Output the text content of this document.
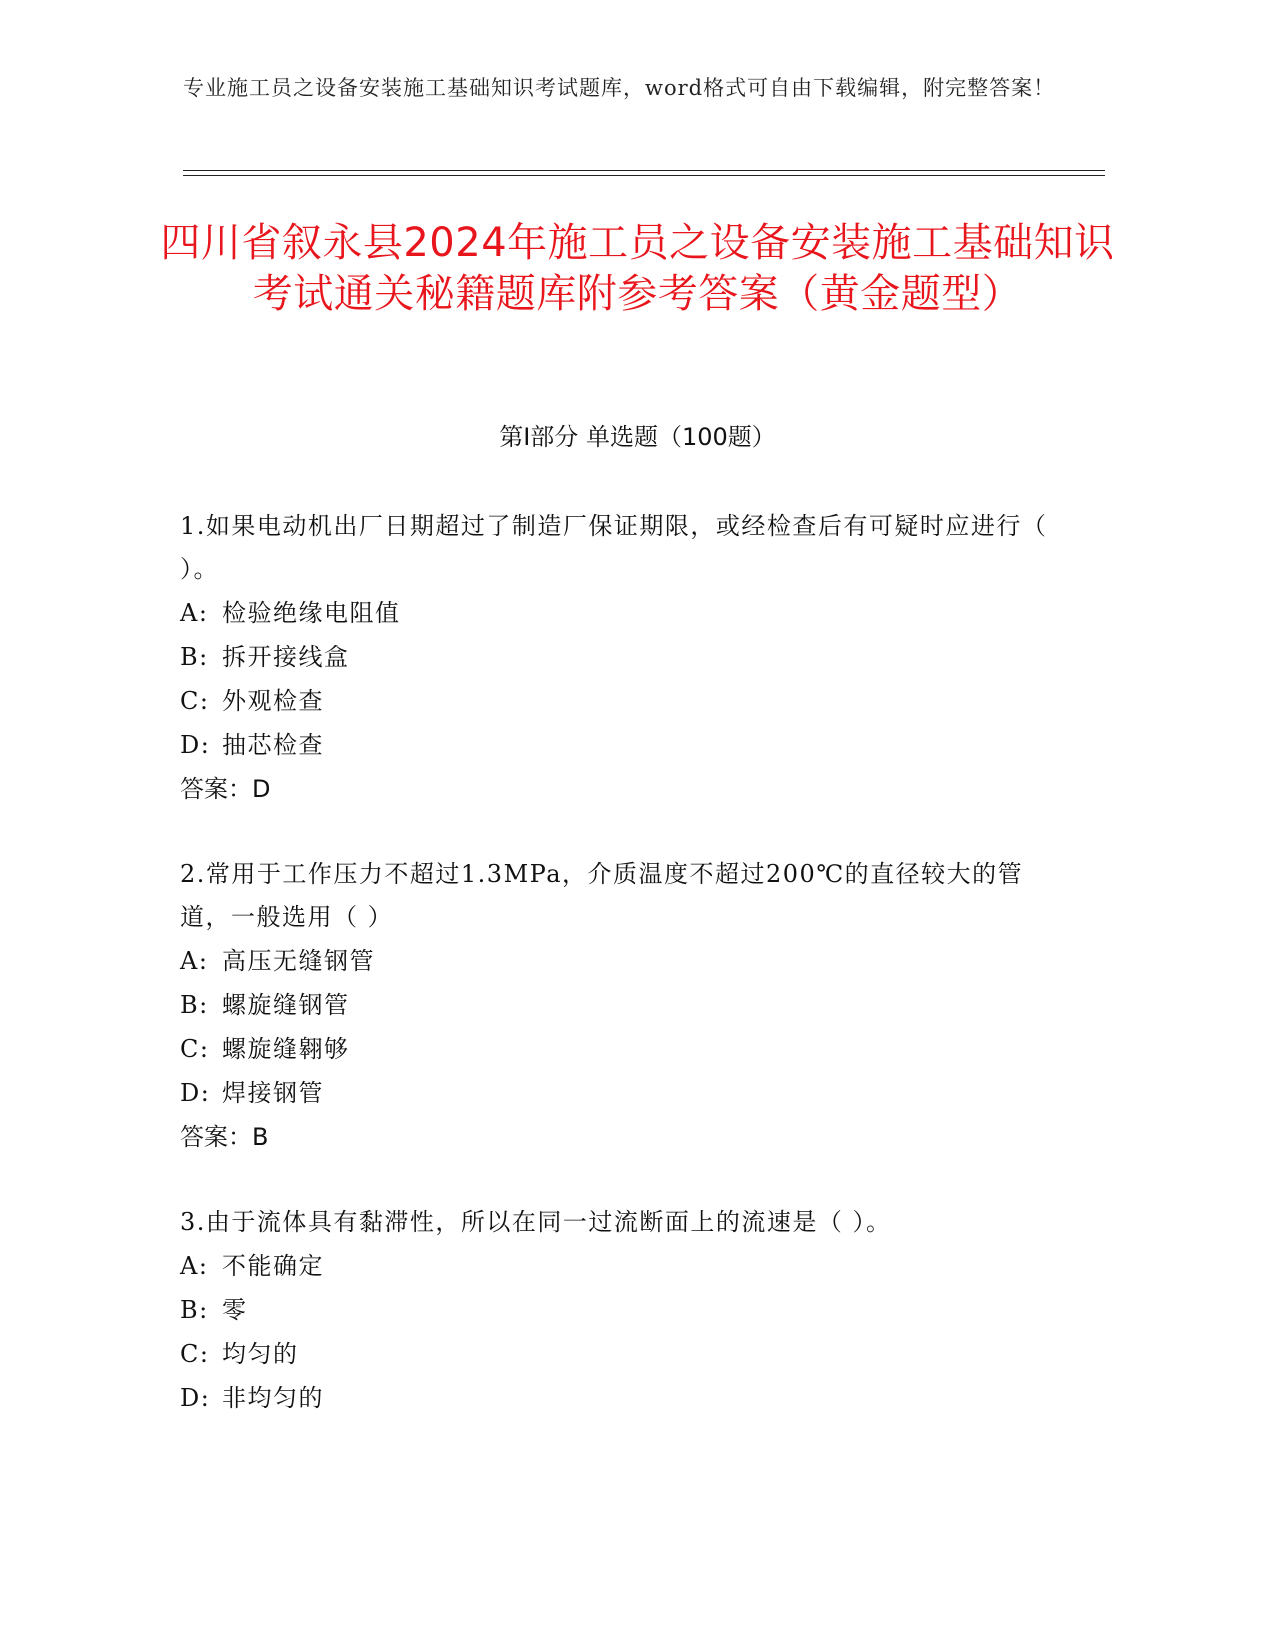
专业施工员之设备安装施工基础知识考试题库，word格式可自由下载编辑，附完整答案！
四川省叙永县2024年施工员之设备安装施工基础知识考试通关秘籍题库附参考答案（黄金题型）
第Ⅰ部分 单选题（100题）

1.如果电动机出厂日期超过了制造厂保证期限，或经检查后有可疑时应进行（ ）。

A: 检验绝缘电阻值

B: 拆开接线盒

C: 外观检查

D: 抽芯检查

答案：D

2.常用于工作压力不超过1.3MPa，介质温度不超过200℃的直径较大的管道，一般选用（ ）

A: 高压无缝钢管

B: 螺旋缝钢管

C: 螺旋缝翱够

D: 焊接钢管

答案：B

3.由于流体具有黏滞性，所以在同一过流断面上的流速是（ ）。

A: 不能确定

B: 零

C: 均匀的

D: 非均匀的
